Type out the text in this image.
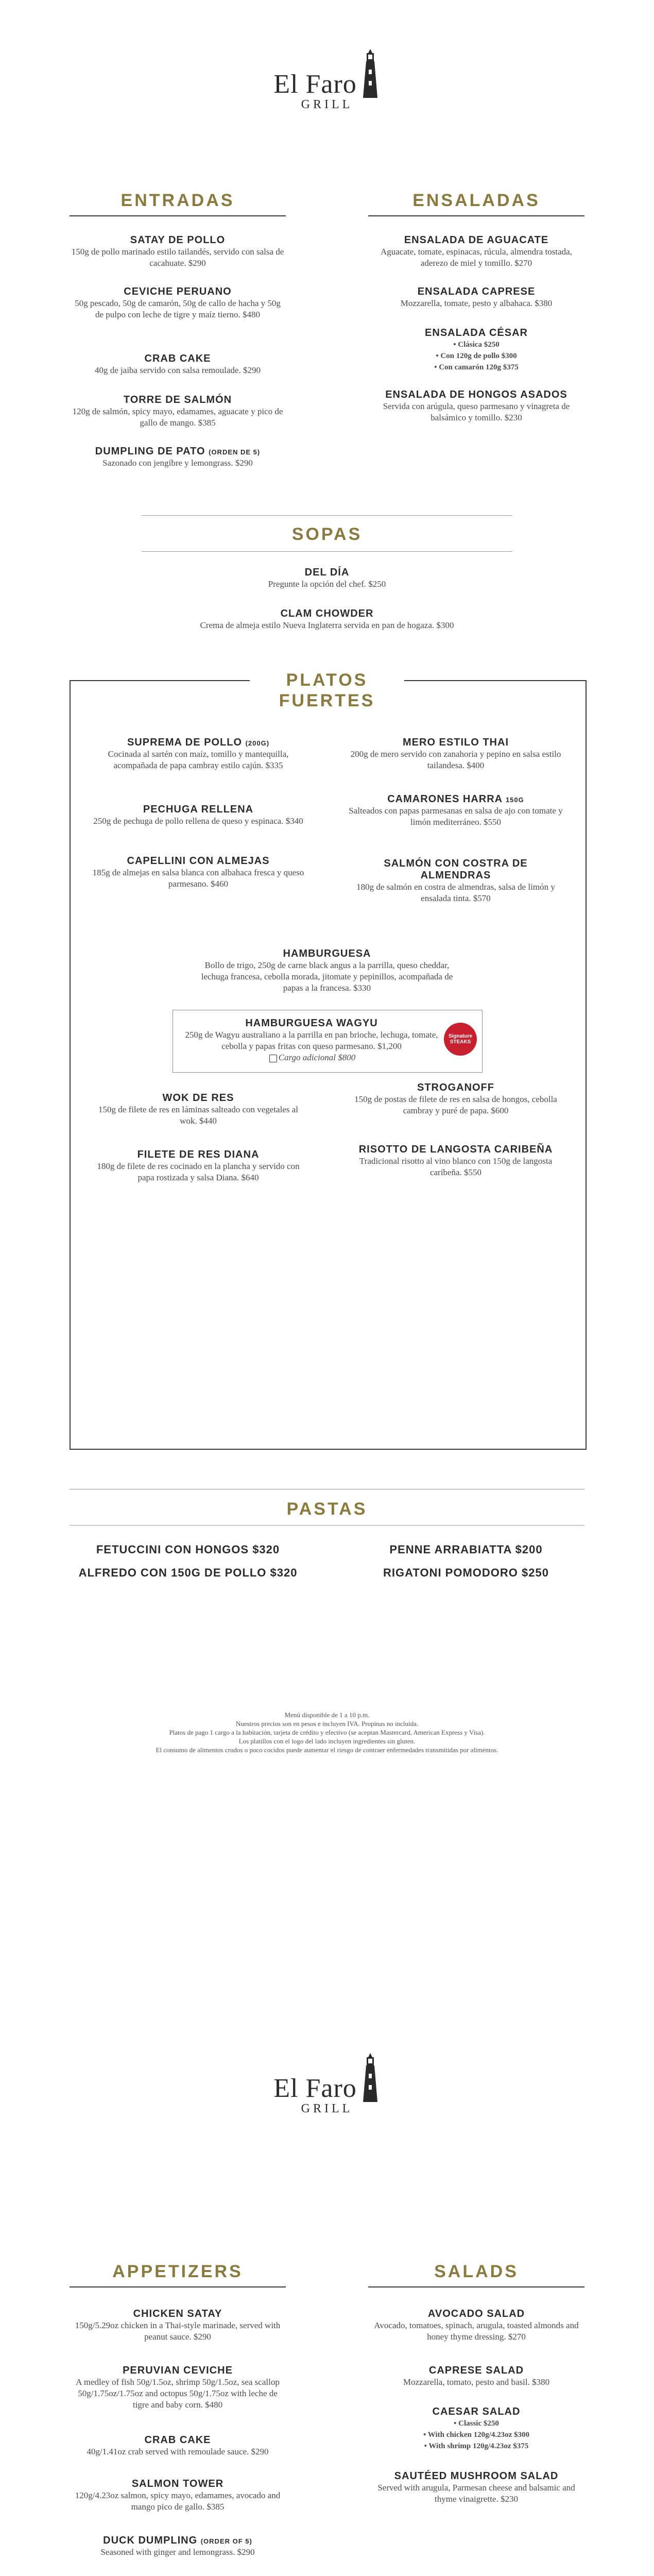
El Faro
GRILL
ENTRADAS	ENSALADAS
SATAY DE POLLO
150g de pollo marinado estilo tailandés, servido con salsa de cacahuate. $290
CEVICHE PERUANO
50g pescado, 50g de camarón, 50g de callo de hacha y 50g de pulpo con leche de tigre y maíz tierno. $480
CRAB CAKE
40g de jaiba servido con salsa remoulade. $290
TORRE DE SALMÓN
120g de salmón, spicy mayo, edamames, aguacate y pico de gallo de mango. $385
DUMPLING DE PATO (ORDEN DE 5)
Sazonado con jengibre y lemongrass. $290
ENSALADA DE AGUACATE
Aguacate, tomate, espinacas, rúcula, almendra tostada, aderezo de miel y tomillo. $270
ENSALADA CAPRESE
Mozzarella, tomate, pesto y albahaca. $380
ENSALADA CÉSAR
• Clásica $250
• Con 120g de pollo $300
• Con camarón 120g $375
ENSALADA DE HONGOS ASADOS
Servida con arúgula, queso parmesano y vinagreta de balsámico y tomillo. $230
SOPAS
DEL DÍA
Pregunte la opción del chef. $250
CLAM CHOWDER
Crema de almeja estilo Nueva Inglaterra servida en pan de hogaza. $300
PLATOS FUERTES
SUPREMA DE POLLO (200G)
Cocinada al sartén con maíz, tomillo y mantequilla, acompañada de papa cambray estilo cajún. $335
PECHUGA RELLENA
250g de pechuga de pollo rellena de queso y espinaca. $340
CAPELLINI CON ALMEJAS
185g de almejas en salsa blanca con albahaca fresca y queso parmesano. $460
MERO ESTILO THAI
200g de mero servido con zanahoria y pepino en salsa estilo tailandesa. $400
CAMARONES HARRA 150G
Salteados con papas parmesanas en salsa de ajo con tomate y limón mediterráneo. $550
SALMÓN CON COSTRA DE ALMENDRAS
180g de salmón en costra de almendras, salsa de limón y ensalada tinta. $570
HAMBURGUESA
Bollo de trigo, 250g de carne black angus a la parrilla, queso cheddar, lechuga francesa, cebolla morada, jitomate y pepinillos, acompañada de papas a la francesa. $330
HAMBURGUESA WAGYU
250g de Wagyu australiano a la parrilla en pan brioche, lechuga, tomate, cebolla y papas fritas con queso parmesano. $1,200
Cargo adicional $800
Signature STEAKS
WOK DE RES
150g de filete de res en láminas salteado con vegetales al wok. $440
FILETE DE RES DIANA
180g de filete de res cocinado en la plancha y servido con papa rostizada y salsa Diana. $640
STROGANOFF
150g de postas de filete de res en salsa de hongos, cebolla cambray y puré de papa. $600
RISOTTO DE LANGOSTA CARIBEÑA
Tradicional risotto al vino blanco con 150g de langosta caribeña. $550
PASTAS
FETUCCINI CON HONGOS $320
ALFREDO CON 150G DE POLLO $320
PENNE ARRABIATTA $200
RIGATONI POMODORO $250
Menú disponible de 1 a 10 p.m.
Nuestros precios son en pesos e incluyen IVA. Propinas no incluida.
Platos de pago 1 cargo a la habitación, tarjeta de crédito y efectivo (se aceptan Mastercard, American Express y Visa).
Los platillos con el logo del lado incluyen ingredientes sin gluten.
El consumo de alimentos crudos o poco cocidos puede aumentar el riesgo de contraer enfermedades transmitidas por alimentos.
El Faro
GRILL
APPETIZERS	SALADS
CHICKEN SATAY
150g/5.29oz chicken in a Thai-style marinade, served with peanut sauce. $290
PERUVIAN CEVICHE
A medley of fish 50g/1.5oz, shrimp 50g/1.5oz, sea scallop 50g/1.75oz/1.75oz and octopus 50g/1.75oz with leche de tigre and baby corn. $480
CRAB CAKE
40g/1.41oz crab served with remoulade sauce. $290
SALMON TOWER
120g/4.23oz salmon, spicy mayo, edamames, avocado and mango pico de gallo. $385
DUCK DUMPLING (ORDER OF 5)
Seasoned with ginger and lemongrass. $290
AVOCADO SALAD
Avocado, tomatoes, spinach, arugula, toasted almonds and honey thyme dressing. $270
CAPRESE SALAD
Mozzarella, tomato, pesto and basil. $380
CAESAR SALAD
• Classic $250
• With chicken 120g/4.23oz $300
• With shrimp 120g/4.23oz $375
SAUTÉED MUSHROOM SALAD
Served with arugula, Parmesan cheese and balsamic and thyme vinaigrette. $230
